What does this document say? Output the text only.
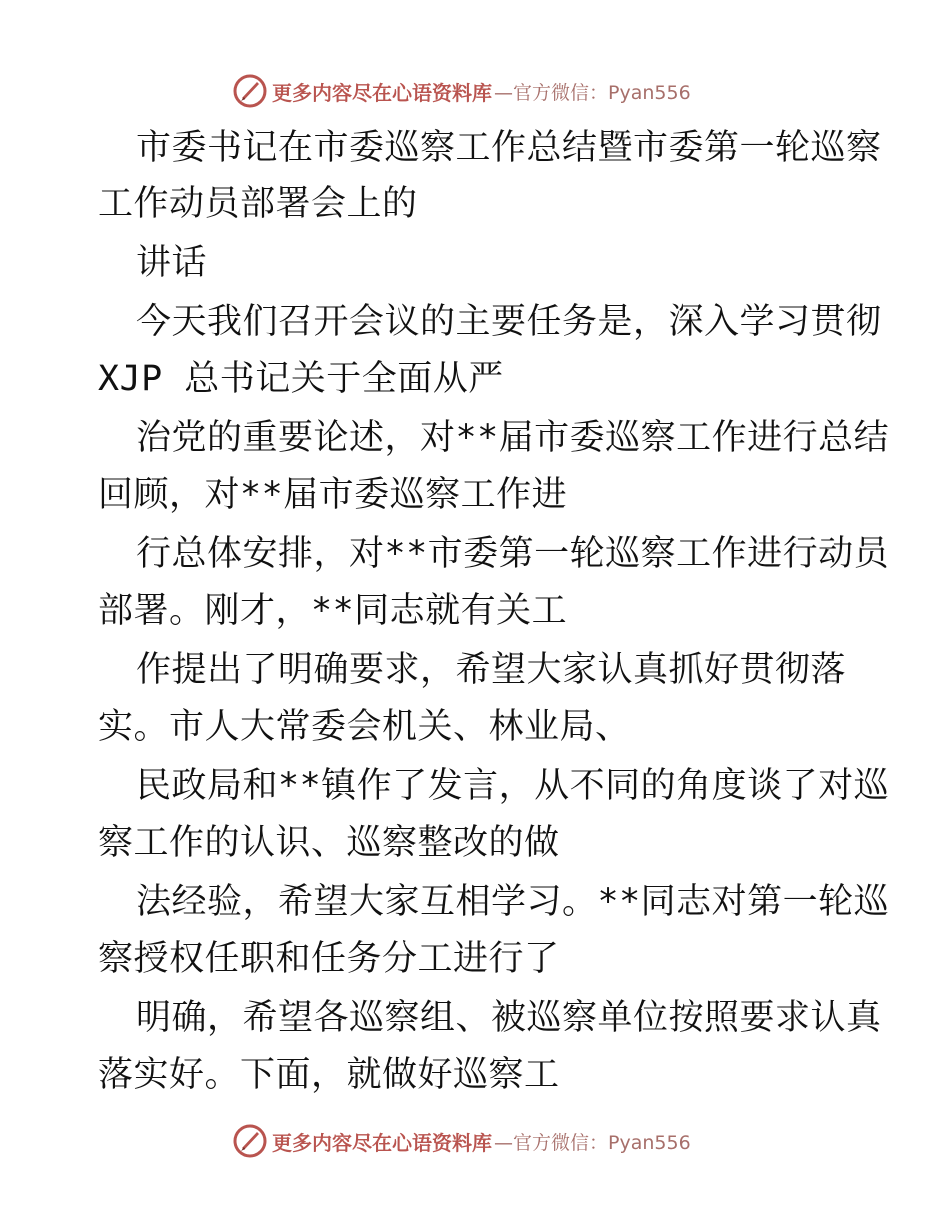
更多内容尽在心语资料库 —官方微信：Pyan556
市委书记在市委巡察工作总结暨市委第一轮巡察
工作动员部署会上的
讲话
今天我们召开会议的主要任务是，深入学习贯彻
XJP 总书记关于全面从严
治党的重要论述，对**届市委巡察工作进行总结
回顾，对**届市委巡察工作进
行总体安排，对**市委第一轮巡察工作进行动员
部署。刚才，**同志就有关工
作提出了明确要求，希望大家认真抓好贯彻落
实。市人大常委会机关、林业局、
民政局和**镇作了发言，从不同的角度谈了对巡
察工作的认识、巡察整改的做
法经验，希望大家互相学习。**同志对第一轮巡
察授权任职和任务分工进行了
明确，希望各巡察组、被巡察单位按照要求认真
落实好。下面，就做好巡察工
更多内容尽在心语资料库 —官方微信：Pyan556
